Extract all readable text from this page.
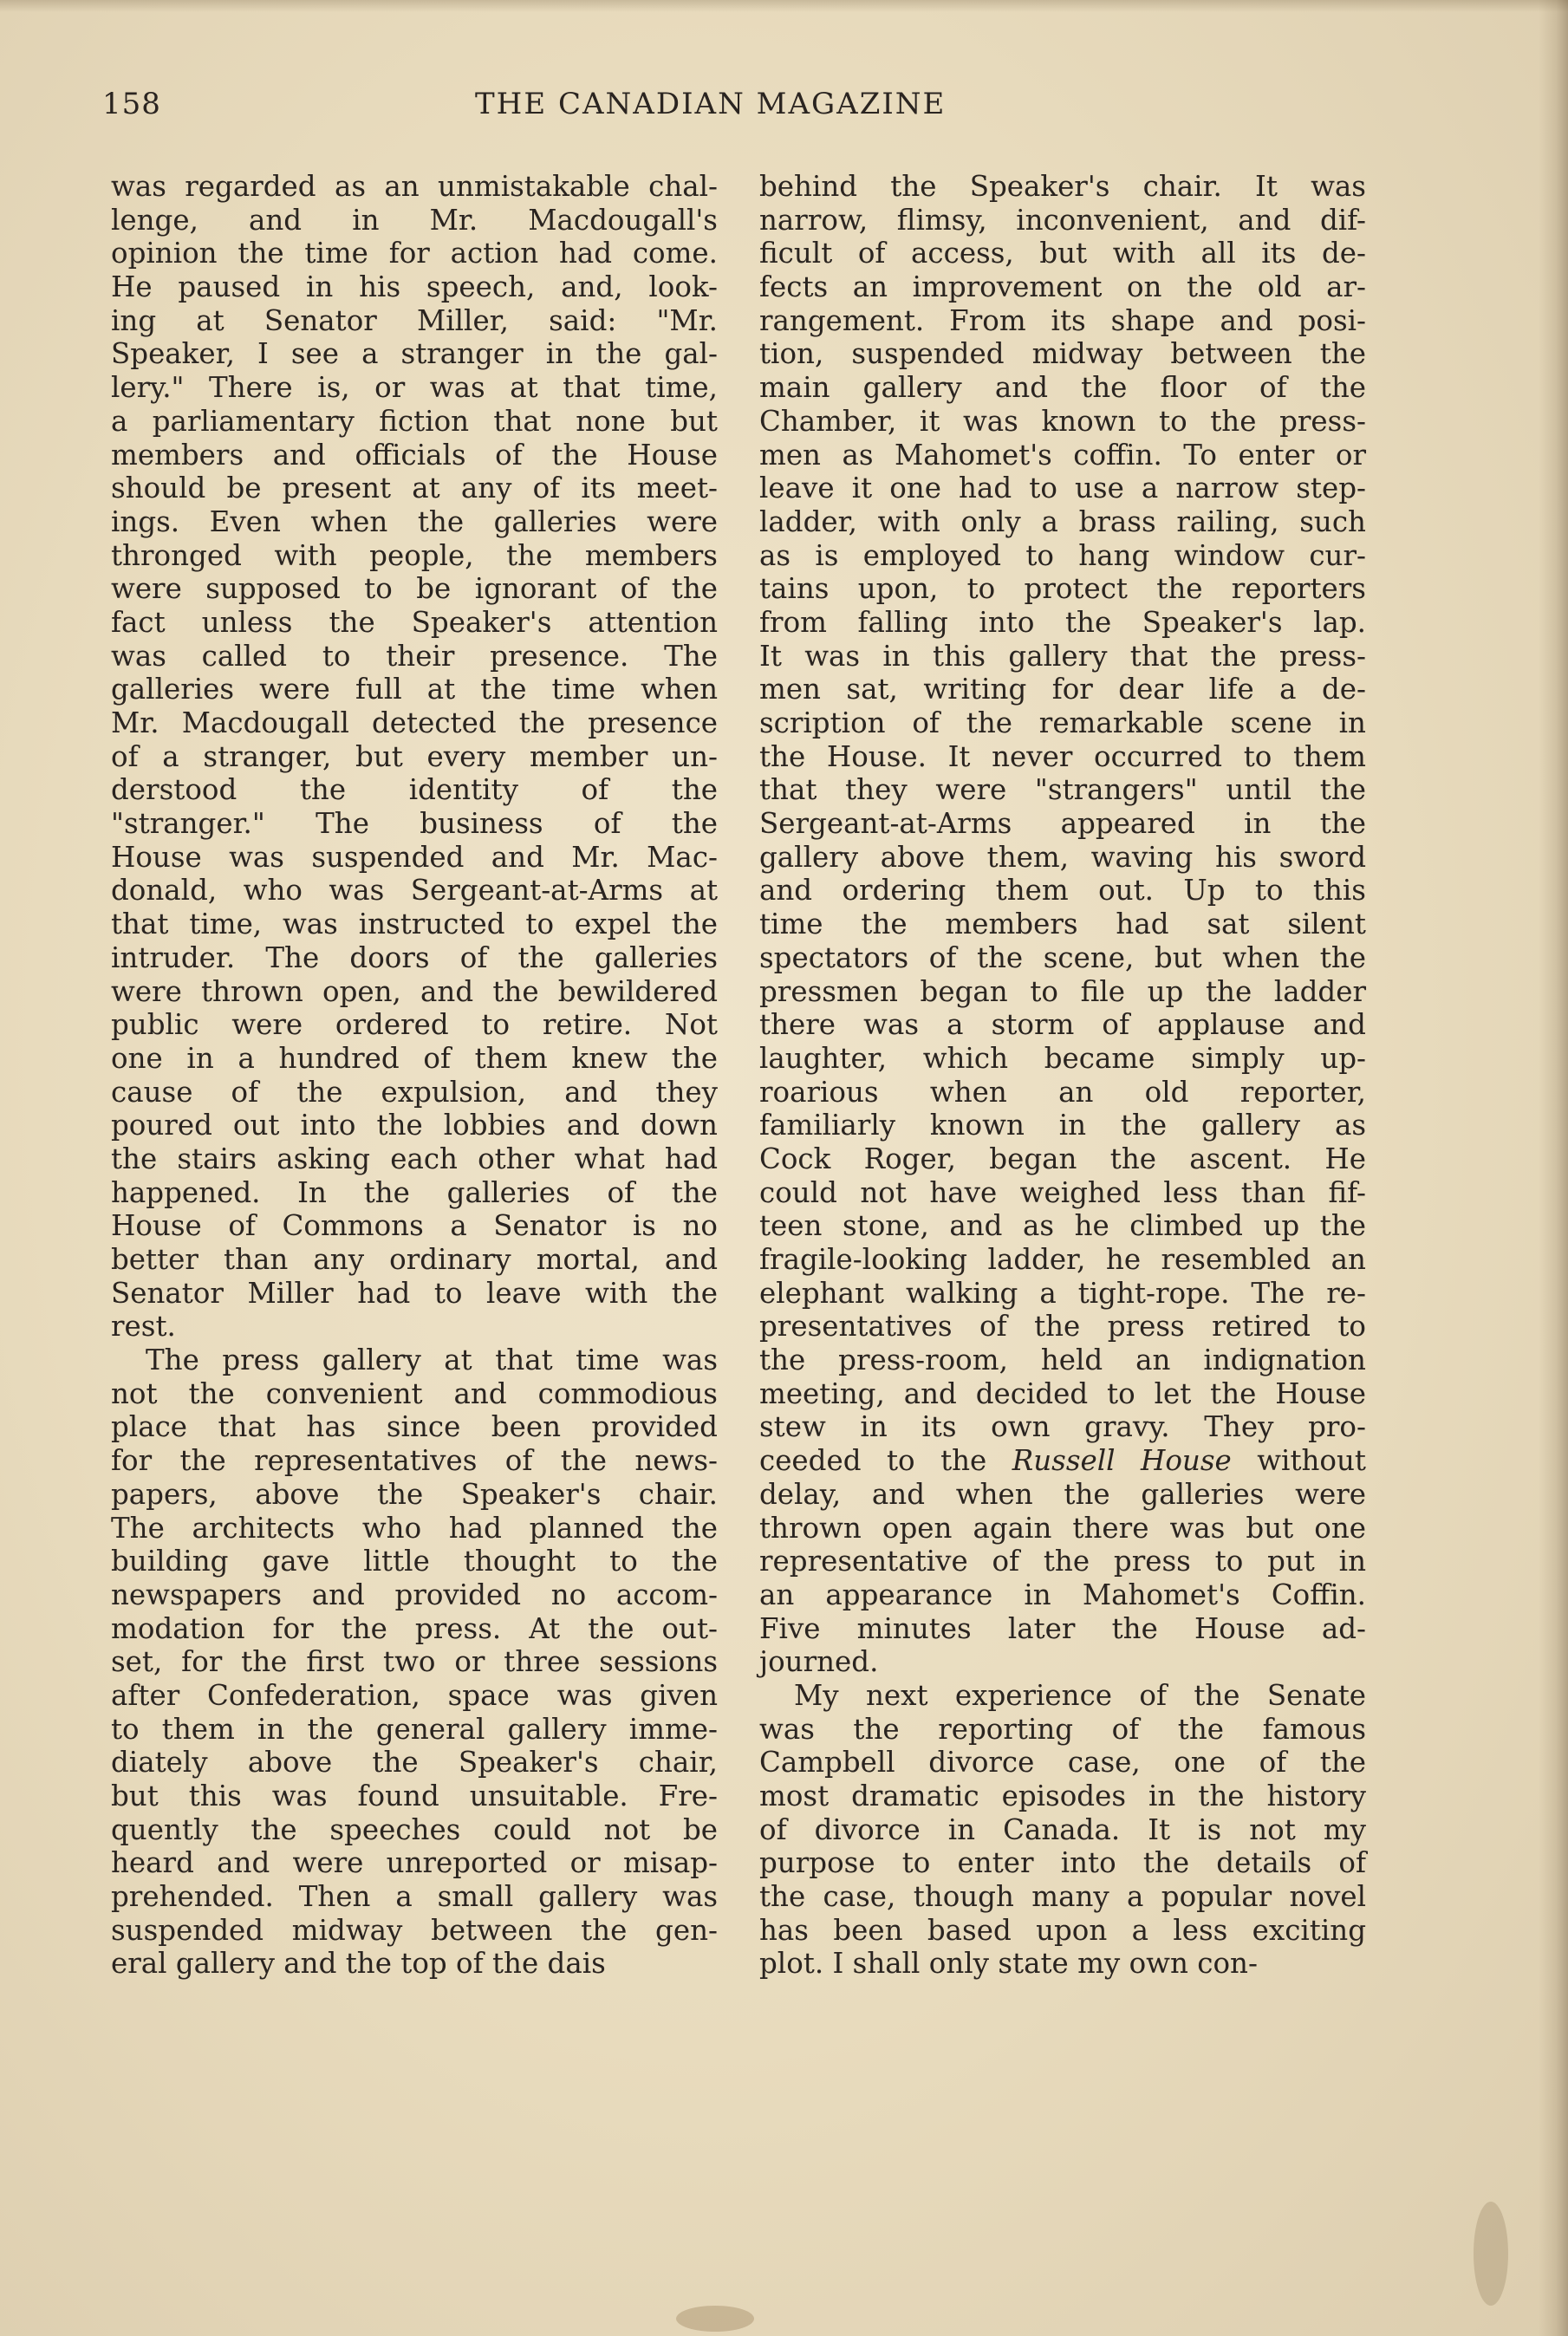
158	THE CANADIAN MAGAZINE
was regarded as an unmistakable chal-
lenge, and in Mr. Macdougall's
opinion the time for action had come.
He paused in his speech, and, look-
ing at Senator Miller, said: "Mr.
Speaker, I see a stranger in the gal-
lery." There is, or was at that time,
a parliamentary fiction that none but
members and officials of the House
should be present at any of its meet-
ings. Even when the galleries were
thronged with people, the members
were supposed to be ignorant of the
fact unless the Speaker's attention
was called to their presence. The
galleries were full at the time when
Mr. Macdougall detected the presence
of a stranger, but every member un-
derstood the identity of the
"stranger." The business of the
House was suspended and Mr. Mac-
donald, who was Sergeant-at-Arms at
that time, was instructed to expel the
intruder. The doors of the galleries
were thrown open, and the bewildered
public were ordered to retire. Not
one in a hundred of them knew the
cause of the expulsion, and they
poured out into the lobbies and down
the stairs asking each other what had
happened. In the galleries of the
House of Commons a Senator is no
better than any ordinary mortal, and
Senator Miller had to leave with the
rest.
The press gallery at that time was
not the convenient and commodious
place that has since been provided
for the representatives of the news-
papers, above the Speaker's chair.
The architects who had planned the
building gave little thought to the
newspapers and provided no accom-
modation for the press. At the out-
set, for the first two or three sessions
after Confederation, space was given
to them in the general gallery imme-
diately above the Speaker's chair,
but this was found unsuitable. Fre-
quently the speeches could not be
heard and were unreported or misap-
prehended. Then a small gallery was
suspended midway between the gen-
eral gallery and the top of the dais
behind the Speaker's chair. It was
narrow, flimsy, inconvenient, and dif-
ficult of access, but with all its de-
fects an improvement on the old ar-
rangement. From its shape and posi-
tion, suspended midway between the
main gallery and the floor of the
Chamber, it was known to the press-
men as Mahomet's coffin. To enter or
leave it one had to use a narrow step-
ladder, with only a brass railing, such
as is employed to hang window cur-
tains upon, to protect the reporters
from falling into the Speaker's lap.
It was in this gallery that the press-
men sat, writing for dear life a de-
scription of the remarkable scene in
the House. It never occurred to them
that they were "strangers" until the
Sergeant-at-Arms appeared in the
gallery above them, waving his sword
and ordering them out. Up to this
time the members had sat silent
spectators of the scene, but when the
pressmen began to file up the ladder
there was a storm of applause and
laughter, which became simply up-
roarious when an old reporter,
familiarly known in the gallery as
Cock Roger, began the ascent. He
could not have weighed less than fif-
teen stone, and as he climbed up the
fragile-looking ladder, he resembled an
elephant walking a tight-rope. The re-
presentatives of the press retired to
the press-room, held an indignation
meeting, and decided to let the House
stew in its own gravy. They pro-
ceeded to the Russell House without
delay, and when the galleries were
thrown open again there was but one
representative of the press to put in
an appearance in Mahomet's Coffin.
Five minutes later the House ad-
journed.
My next experience of the Senate
was the reporting of the famous
Campbell divorce case, one of the
most dramatic episodes in the history
of divorce in Canada. It is not my
purpose to enter into the details of
the case, though many a popular novel
has been based upon a less exciting
plot. I shall only state my own con-
